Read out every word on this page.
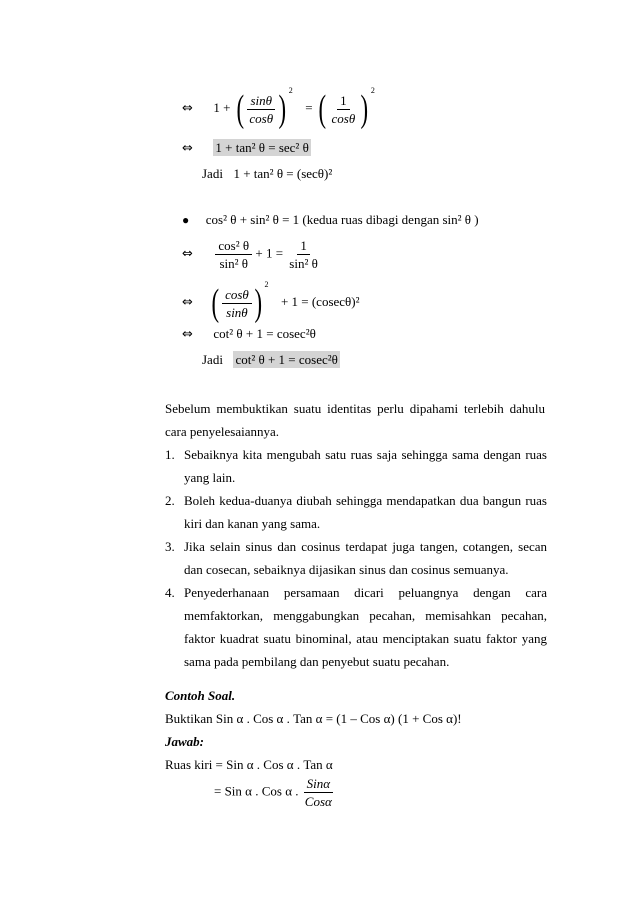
⇔ 1 + ( $\frac{\sin\theta}{\cos\theta}$ ) $^2$  = ( $\frac{1}{\cos\theta}$ ) $^2$
⇔ 1 + tan² θ = sec² θ
Jadi 1 + tan² θ = (secθ)²
● cos² θ + sin² θ = 1 (kedua ruas dibagi dengan sin² θ )
⇔ $\frac{\text{cos² θ}}{\text{sin² θ}} + 1 = \frac{1}{\text{sin² θ}}$
⇔ ( $\frac{\cos\theta}{\sin\theta}$ ) $^2$  + 1 = (cosecθ)²
⇔ cot² θ + 1 = cosec²θ
Jadi cot² θ + 1 = cosec²θ
Sebelum membuktikan suatu identitas perlu dipahami terlebih dahulu
cara penyelesaiannya.
1. Sebaiknya kita mengubah satu ruas saja sehingga sama dengan ruas
yang lain.
2. Boleh kedua-duanya diubah sehingga mendapatkan dua bangun ruas
kiri dan kanan yang sama.
3. Jika selain sinus dan cosinus terdapat juga tangen, cotangen, secan
dan cosecan, sebaiknya dijasikan sinus dan cosinus semuanya.
4. Penyederhanaan persamaan dicari peluangnya dengan cara
memfaktorkan, menggabungkan pecahan, memisahkan pecahan,
faktor kuadrat suatu binominal, atau menciptakan suatu faktor yang
sama pada pembilang dan penyebut suatu pecahan.
Contoh Soal.
Buktikan Sin α . Cos α . Tan α = (1 – Cos α) (1 + Cos α)!
Jawab:
Ruas kiri = Sin α . Cos α . Tan α
= Sin α . Cos α . $\frac{\text{Sinα}}{\text{Cosα}}$
